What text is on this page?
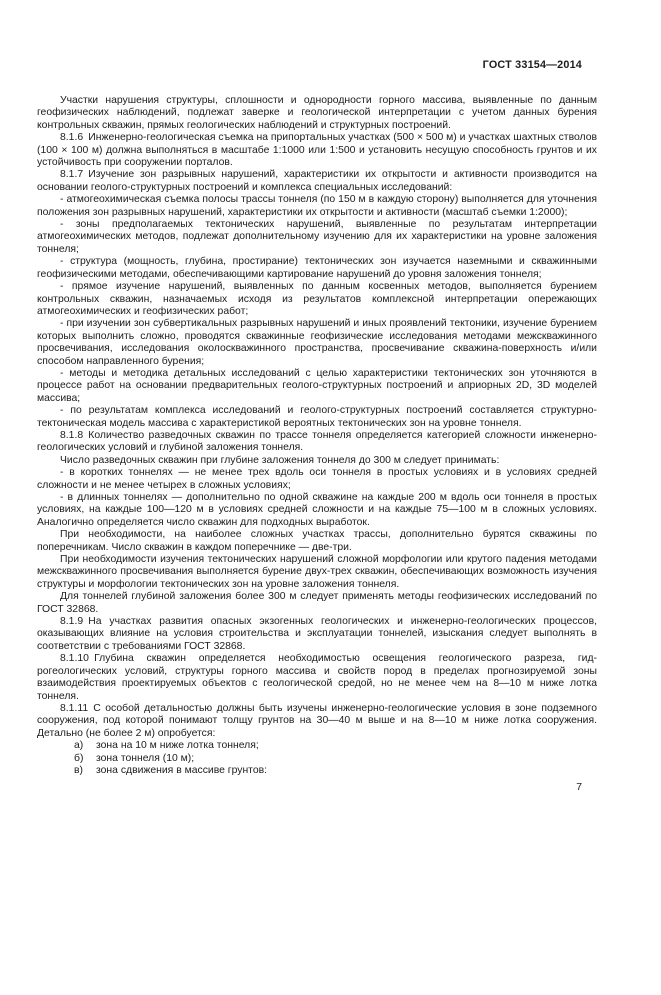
ГОСТ 33154—2014

Участки нарушения структуры, сплошности и однородности горного массива, выявленные по данным геофизических наблюдений, подлежат заверке и геологической интерпретации с учетом данных бурения контрольных скважин, прямых геологических наблюдений и структурных построений.

8.1.6 Инженерно-геологическая съемка на припортальных участках (500 × 500 м) и участках шахтных стволов (100 × 100 м) должна выполняться в масштабе 1:1000 или 1:500 и установить несущую способность грунтов и их устойчивость при сооружении порталов.

8.1.7 Изучение зон разрывных нарушений, характеристики их открытости и активности производится на основании геолого-структурных построений и комплекса специальных исследований:

- атмогеохимическая съемка полосы трассы тоннеля (по 150 м в каждую сторону) выполняется для уточнения положения зон разрывных нарушений, характеристики их открытости и активности (масштаб съемки 1:2000);

- зоны предполагаемых тектонических нарушений, выявленные по результатам интерпретации атмогеохимических методов, подлежат дополнительному изучению для их характеристики на уровне заложения тоннеля;

- структура (мощность, глубина, простирание) тектонических зон изучается наземными и скважинными геофизическими методами, обеспечивающими картирование нарушений до уровня заложения тоннеля;

- прямое изучение нарушений, выявленных по данным косвенных методов, выполняется бурением контрольных скважин, назначаемых исходя из результатов комплексной интерпретации опережающих атмогеохимических и геофизических работ;

- при изучении зон субвертикальных разрывных нарушений и иных проявлений тектоники, изучение бурением которых выполнить сложно, проводятся скважинные геофизические исследования методами межскважинного просвечивания, исследования околоскважинного пространства, просвечивание скважина-поверхность и/или способом направленного бурения;

- методы и методика детальных исследований с целью характеристики тектонических зон уточняются в процессе работ на основании предварительных геолого-структурных построений и априорных 2D, 3D моделей массива;

- по результатам комплекса исследований и геолого-структурных построений составляется структурно-тектоническая модель массива с характеристикой вероятных тектонических зон на уровне тоннеля.

8.1.8 Количество разведочных скважин по трассе тоннеля определяется категорией сложности инженерно-геологических условий и глубиной заложения тоннеля.

Число разведочных скважин при глубине заложения тоннеля до 300 м следует принимать:

- в коротких тоннелях — не менее трех вдоль оси тоннеля в простых условиях и в условиях средней сложности и не менее четырех в сложных условиях;

- в длинных тоннелях — дополнительно по одной скважине на каждые 200 м вдоль оси тоннеля в простых условиях, на каждые 100—120 м в условиях средней сложности и на каждые 75—100 м в сложных условиях. Аналогично определяется число скважин для подходных выработок.

При необходимости, на наиболее сложных участках трассы, дополнительно бурятся скважины по поперечникам. Число скважин в каждом поперечнике — две-три.

При необходимости изучения тектонических нарушений сложной морфологии или крутого падения методами межскважинного просвечивания выполняется бурение двух-трех скважин, обеспечивающих возможность изучения структуры и морфологии тектонических зон на уровне заложения тоннеля.

Для тоннелей глубиной заложения более 300 м следует применять методы геофизических исследований по ГОСТ 32868.

8.1.9 На участках развития опасных экзогенных геологических и инженерно-геологических процессов, оказывающих влияние на условия строительства и эксплуатации тоннелей, изыскания следует выполнять в соответствии с требованиями ГОСТ 32868.

8.1.10 Глубина скважин определяется необходимостью освещения геологического разреза, гидрогеологических условий, структуры горного массива и свойств пород в пределах прогнозируемой зоны взаимодействия проектируемых объектов с геологической средой, но не менее чем на 8—10 м ниже лотка тоннеля.

8.1.11 С особой детальностью должны быть изучены инженерно-геологические условия в зоне подземного сооружения, под которой понимают толщу грунтов на 30—40 м выше и на 8—10 м ниже лотка сооружения. Детально (не более 2 м) опробуется:

а) зона на 10 м ниже лотка тоннеля;

б) зона тоннеля (10 м);

в) зона сдвижения в массиве грунтов:

7
